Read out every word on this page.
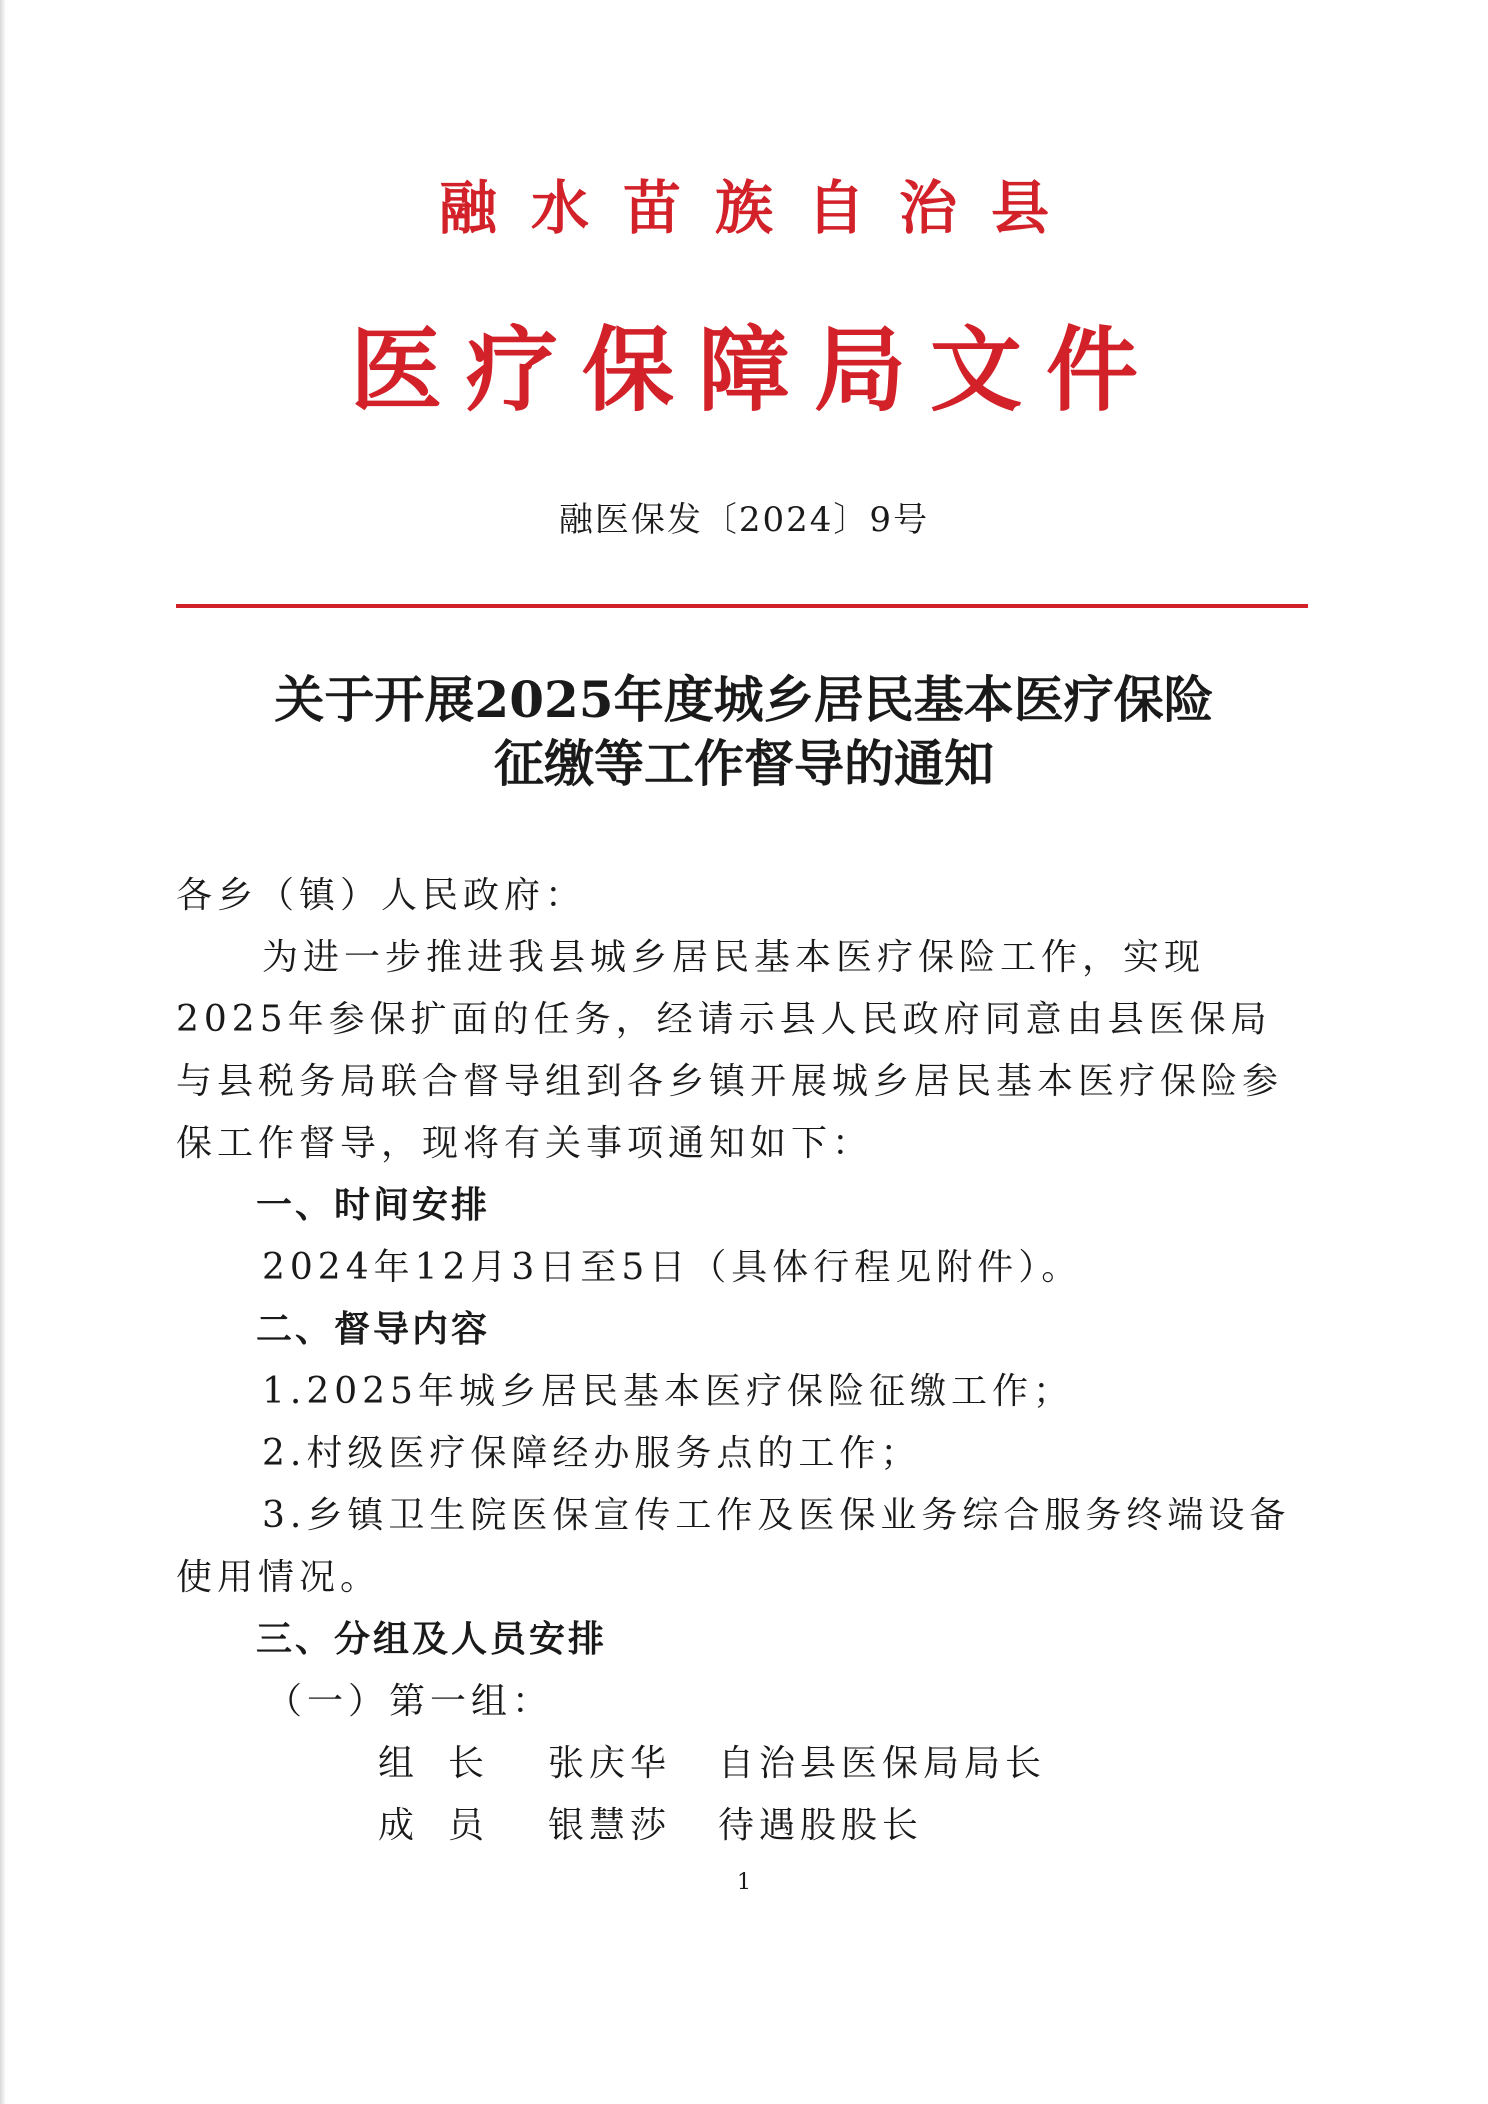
融水苗族自治县
医疗保障局文件
融医保发〔2024〕9号
关于开展2025年度城乡居民基本医疗保险
征缴等工作督导的通知

各乡（镇）人民政府：

为进一步推进我县城乡居民基本医疗保险工作，实现2025年参保扩面的任务，经请示县人民政府同意由县医保局与县税务局联合督导组到各乡镇开展城乡居民基本医疗保险参保工作督导，现将有关事项通知如下：

一、时间安排

2024年12月3日至5日（具体行程见附件）。

二、督导内容

1.2025年城乡居民基本医疗保险征缴工作；

2.村级医疗保障经办服务点的工作；

3.乡镇卫生院医保宣传工作及医保业务综合服务终端设备使用情况。

三、分组及人员安排

（一）第一组：

组长 张庆华 自治县医保局局长

成员 银慧莎 待遇股股长

1
